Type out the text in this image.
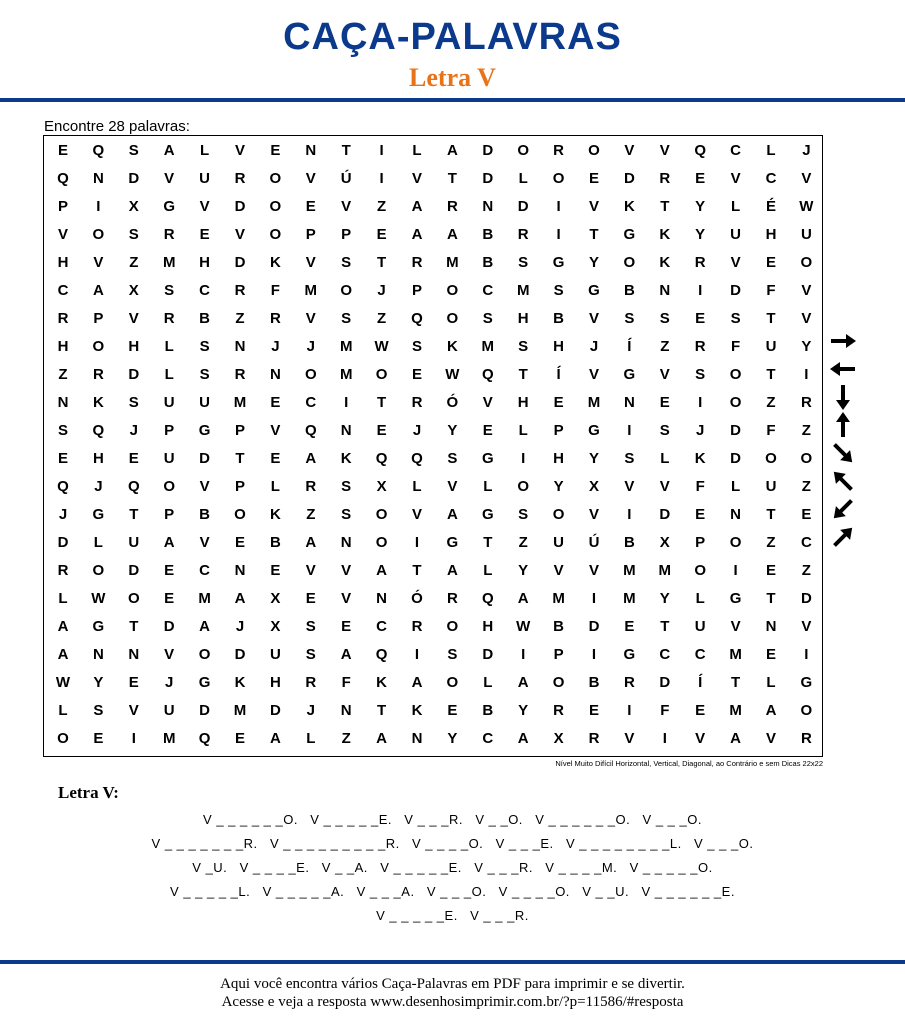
CAÇA-PALAVRAS
Letra V
Encontre 28 palavras:
E	Q	S	A	L	V	E	N	T	I	L	A	D	O	R	O	V	V	Q	C	L	J
Q	N	D	V	U	R	O	V	Ú	I	V	T	D	L	O	E	D	R	E	V	C	V
P	I	X	G	V	D	O	E	V	Z	A	R	N	D	I	V	K	T	Y	L	É	W
V	O	S	R	E	V	O	P	P	E	A	A	B	R	I	T	G	K	Y	U	H	U
H	V	Z	M	H	D	K	V	S	T	R	M	B	S	G	Y	O	K	R	V	E	O
C	A	X	S	C	R	F	M	O	J	P	O	C	M	S	G	B	N	I	D	F	V
R	P	V	R	B	Z	R	V	S	Z	Q	O	S	H	B	V	S	S	E	S	T	V
H	O	H	L	S	N	J	J	M	W	S	K	M	S	H	J	Í	Z	R	F	U	Y
Z	R	D	L	S	R	N	O	M	O	E	W	Q	T	Í	V	G	V	S	O	T	I
N	K	S	U	U	M	E	C	I	T	R	Ó	V	H	E	M	N	E	I	O	Z	R
S	Q	J	P	G	P	V	Q	N	E	J	Y	E	L	P	G	I	S	J	D	F	Z
E	H	E	U	D	T	E	A	K	Q	Q	S	G	I	H	Y	S	L	K	D	O	O
Q	J	Q	O	V	P	L	R	S	X	L	V	L	O	Y	X	V	V	F	L	U	Z
J	G	T	P	B	O	K	Z	S	O	V	A	G	S	O	V	I	D	E	N	T	E
D	L	U	A	V	E	B	A	N	O	I	G	T	Z	U	Ú	B	X	P	O	Z	C
R	O	D	E	C	N	E	V	V	A	T	A	L	Y	V	V	M	M	O	I	E	Z
L	W	O	E	M	A	X	E	V	N	Ó	R	Q	A	M	I	M	Y	L	G	T	D
A	G	T	D	A	J	X	S	E	C	R	O	H	W	B	D	E	T	U	V	N	V
A	N	N	V	O	D	U	S	A	Q	I	S	D	I	P	I	G	C	C	M	E	I
W	Y	E	J	G	K	H	R	F	K	A	O	L	A	O	B	R	D	Í	T	L	G
L	S	V	U	D	M	D	J	N	T	K	E	B	Y	R	E	I	F	E	M	A	O
O	E	I	M	Q	E	A	L	Z	A	N	Y	C	A	X	R	V	I	V	A	V	R
Nível Muito Difícil Horizontal, Vertical, Diagonal, ao Contrário e sem Dicas 22x22
Letra V:
V _ _ _ _ _ _O.   V _ _ _ _ _E.   V _ _ _R.   V _ _O.   V _ _ _ _ _ _O.   V _ _ _O.
V _ _ _ _ _ _ _R.   V _ _ _ _ _ _ _ _ _R.   V _ _ _ _O.   V _ _ _E.   V _ _ _ _ _ _ _ _L.   V _ _ _O.
V _U.   V _ _ _ _E.   V _ _A.   V _ _ _ _ _E.   V _ _ _R.   V _ _ _ _M.   V _ _ _ _ _O.
V _ _ _ _ _L.   V _ _ _ _ _A.   V _ _ _A.   V _ _ _O.   V _ _ _ _O.   V _ _U.   V _ _ _ _ _ _E.
V _ _ _ _ _E.   V _ _ _R.
Aqui você encontra vários Caça-Palavras em PDF para imprimir e se divertir.
Acesse e veja a resposta www.desenhosimprimir.com.br/?p=11586/#resposta
